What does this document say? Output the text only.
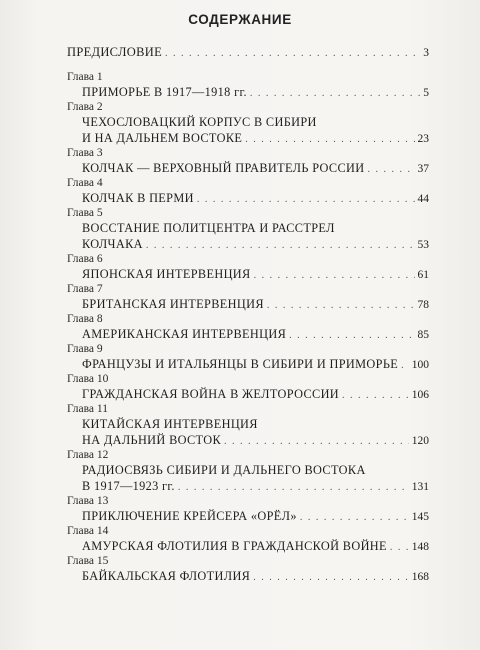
СОДЕРЖАНИЕ
ПРЕДИСЛОВИЕ . . .	3
Глава 1
ПРИМОРЬЕ В 1917—1918 гг. . . .	5
Глава 2
ЧЕХОСЛОВАЦКИЙ КОРПУС В СИБИРИ
И НА ДАЛЬНЕМ ВОСТОКЕ . . .	23
Глава 3
КОЛЧАК — ВЕРХОВНЫЙ ПРАВИТЕЛЬ РОССИИ . . .	37
Глава 4
КОЛЧАК В ПЕРМИ . . .	44
Глава 5
ВОССТАНИЕ ПОЛИТЦЕНТРА И РАССТРЕЛ
КОЛЧАКА . . .	53
Глава 6
ЯПОНСКАЯ ИНТЕРВЕНЦИЯ . . .	61
Глава 7
БРИТАНСКАЯ ИНТЕРВЕНЦИЯ . . .	78
Глава 8
АМЕРИКАНСКАЯ ИНТЕРВЕНЦИЯ . . .	85
Глава 9
ФРАНЦУЗЫ И ИТАЛЬЯНЦЫ В СИБИРИ И ПРИМОРЬЕ . . . 100
Глава 10
ГРАЖДАНСКАЯ ВОЙНА В ЖЕЛТОРОССИИ . . .	106
Глава 11
КИТАЙСКАЯ ИНТЕРВЕНЦИЯ
НА ДАЛЬНИЙ ВОСТОК . . .	120
Глава 12
РАДИОСВЯЗЬ СИБИРИ И ДАЛЬНЕГО ВОСТОКА
В 1917—1923 гг. . . .	131
Глава 13
ПРИКЛЮЧЕНИЕ КРЕЙСЕРА «ОРЁЛ» . . .	145
Глава 14
АМУРСКАЯ ФЛОТИЛИЯ В ГРАЖДАНСКОЙ ВОЙНЕ . . . 148
Глава 15
БАЙКАЛЬСКАЯ ФЛОТИЛИЯ . . .	168
